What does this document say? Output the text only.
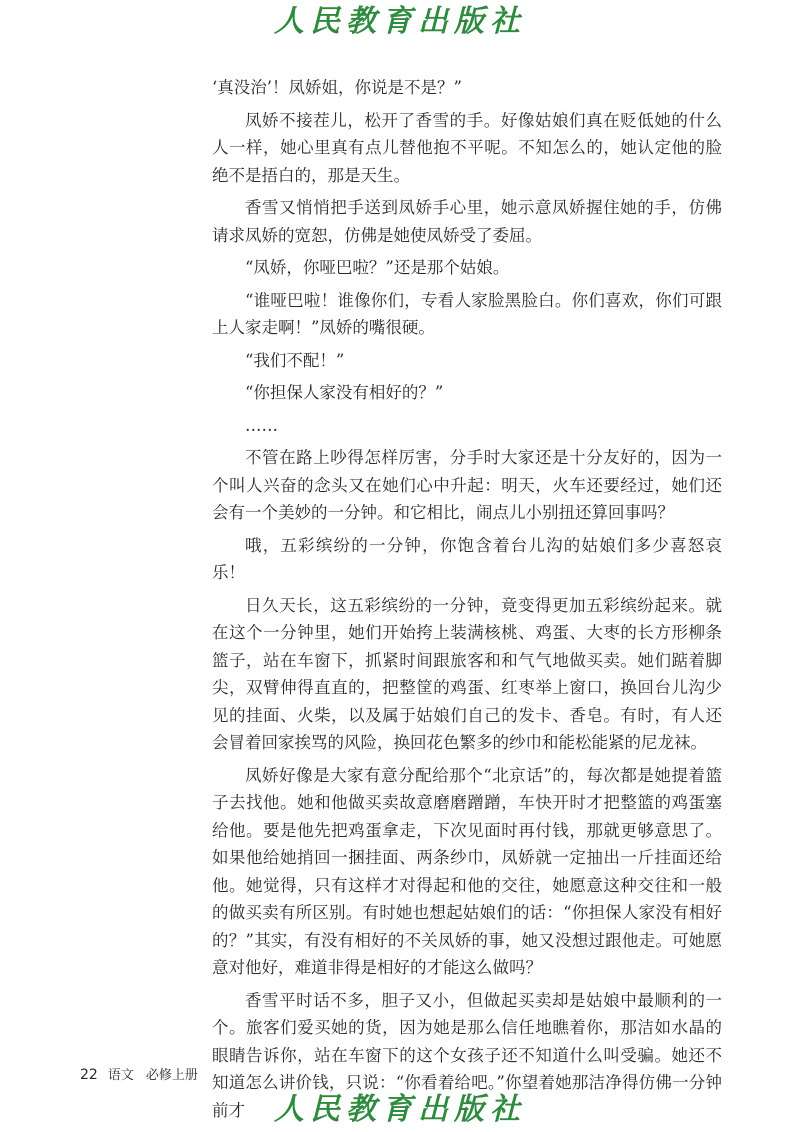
人民教育出版社

‘真没治’！凤娇姐，你说是不是？”

凤娇不接茬儿，松开了香雪的手。好像姑娘们真在贬低她的什么人一样，她心里真有点儿替他抱不平呢。不知怎么的，她认定他的脸绝不是捂白的，那是天生。

香雪又悄悄把手送到凤娇手心里，她示意凤娇握住她的手，仿佛请求凤娇的宽恕，仿佛是她使凤娇受了委屈。

“凤娇，你哑巴啦？”还是那个姑娘。

“谁哑巴啦！谁像你们，专看人家脸黑脸白。你们喜欢，你们可跟上人家走啊！”凤娇的嘴很硬。

“我们不配！”

“你担保人家没有相好的？”

……

不管在路上吵得怎样厉害，分手时大家还是十分友好的，因为一个叫人兴奋的念头又在她们心中升起：明天，火车还要经过，她们还会有一个美妙的一分钟。和它相比，闹点儿小别扭还算回事吗？

哦，五彩缤纷的一分钟，你饱含着台儿沟的姑娘们多少喜怒哀乐！

日久天长，这五彩缤纷的一分钟，竟变得更加五彩缤纷起来。就在这个一分钟里，她们开始挎上装满核桃、鸡蛋、大枣的长方形柳条篮子，站在车窗下，抓紧时间跟旅客和和气气地做买卖。她们踮着脚尖，双臂伸得直直的，把整筐的鸡蛋、红枣举上窗口，换回台儿沟少见的挂面、火柴，以及属于姑娘们自己的发卡、香皂。有时，有人还会冒着回家挨骂的风险，换回花色繁多的纱巾和能松能紧的尼龙袜。

凤娇好像是大家有意分配给那个“北京话”的，每次都是她提着篮子去找他。她和他做买卖故意磨磨蹭蹭，车快开时才把整篮的鸡蛋塞给他。要是他先把鸡蛋拿走，下次见面时再付钱，那就更够意思了。如果他给她捎回一捆挂面、两条纱巾，凤娇就一定抽出一斤挂面还给他。她觉得，只有这样才对得起和他的交往，她愿意这种交往和一般的做买卖有所区别。有时她也想起姑娘们的话：“你担保人家没有相好的？”其实，有没有相好的不关凤娇的事，她又没想过跟他走。可她愿意对他好，难道非得是相好的才能这么做吗？

香雪平时话不多，胆子又小，但做起买卖却是姑娘中最顺利的一个。旅客们爱买她的货，因为她是那么信任地瞧着你，那洁如水晶的眼睛告诉你，站在车窗下的这个女孩子还不知道什么叫受骗。她还不知道怎么讲价钱，只说：“你看着给吧。”你望着她那洁净得仿佛一分钟前才

22 语文 必修上册
人民教育出版社
